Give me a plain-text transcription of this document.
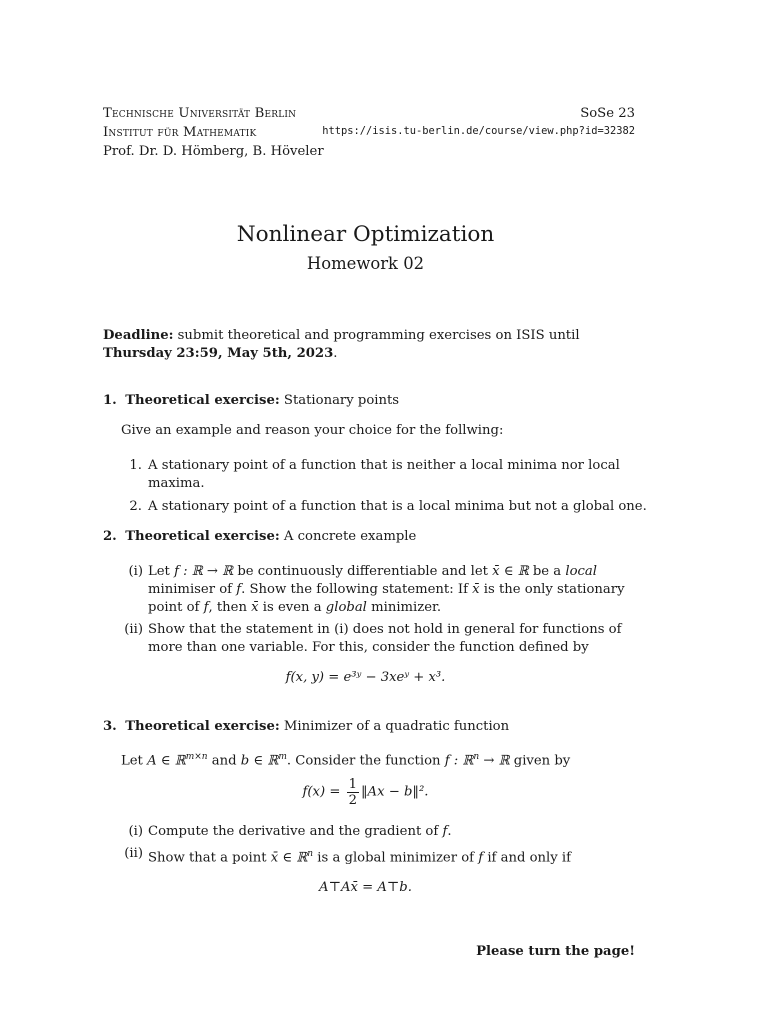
Technische Universität Berlin
Institut für Mathematik
Prof. Dr. D. Hömberg, B. Höveler
SoSe 23
https://isis.tu-berlin.de/course/view.php?id=32382
Nonlinear Optimization
Homework 02
Deadline: submit theoretical and programming exercises on ISIS until Thursday 23:59, May 5th, 2023.
1. Theoretical exercise: Stationary points
Give an example and reason your choice for the follwing:
1. A stationary point of a function that is neither a local minima nor local maxima.
2. A stationary point of a function that is a local minima but not a global one.
2. Theoretical exercise: A concrete example
(i) Let f : ℝ → ℝ be continuously differentiable and let x̄ ∈ ℝ be a local minimiser of f. Show the following statement: If x̄ is the only stationary point of f, then x̄ is even a global minimizer.
(ii) Show that the statement in (i) does not hold in general for functions of more than one variable. For this, consider the function defined by
f(x, y) = e³ʸ − 3xeʸ + x³.
3. Theoretical exercise: Minimizer of a quadratic function
Let A ∈ ℝ$^{m\times n}$ and b ∈ ℝ$^m$. Consider the function f : ℝ$^n$ → ℝ given by
$f(x) = \frac{1}{2}$ ‖Ax − b‖².
(i) Compute the derivative and the gradient of f.
(ii) Show that a point x̄ ∈ ℝ$^n$ is a global minimizer of f if and only if
A⊤Ax̄ = A⊤b.
Please turn the page!
